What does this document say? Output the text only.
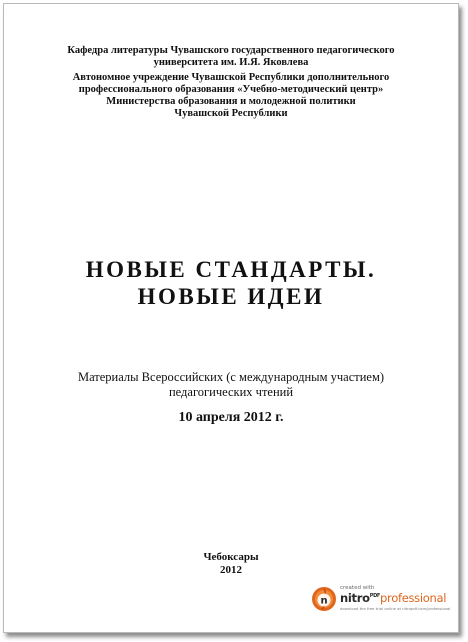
Кафедра литературы Чувашского государственного педагогического
университета им. И.Я. Яковлева
Автономное учреждение Чувашской Республики дополнительного
профессионального образования «Учебно-методический центр»
Министерства образования и молодежной политики
Чувашской Республики
НОВЫЕ СТАНДАРТЫ.
НОВЫЕ ИДЕИ
Материалы Всероссийских (с международным участием)
педагогических чтений
10 апреля 2012 г.
Чебоксары
2012
n
created with
nitro$^{PDF}$professional
download the free trial online at nitropdf.com/professional
